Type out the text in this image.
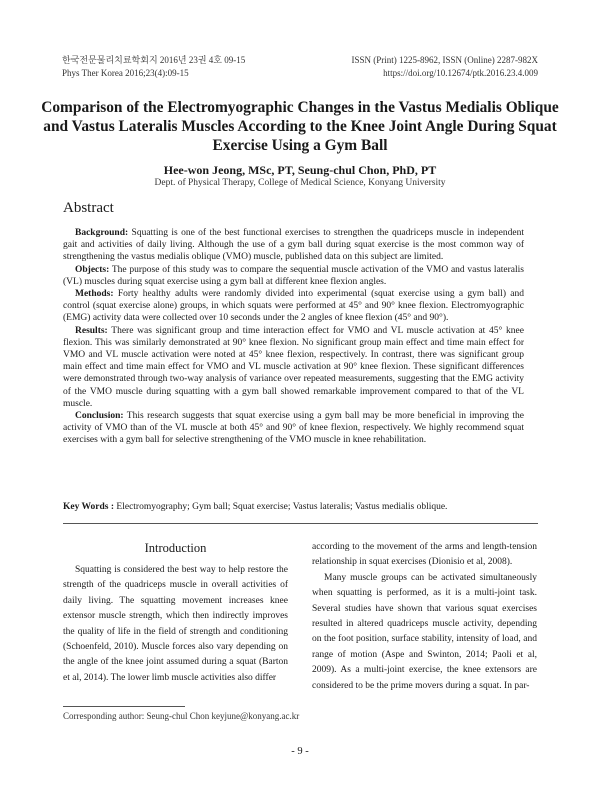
한국전문물리치료학회지 2016년 23권 4호 09-15
Phys Ther Korea 2016;23(4):09-15
ISSN (Print) 1225-8962, ISSN (Online) 2287-982X
https://doi.org/10.12674/ptk.2016.23.4.009
Comparison of the Electromyographic Changes in the Vastus Medialis Oblique and Vastus Lateralis Muscles According to the Knee Joint Angle During Squat Exercise Using a Gym Ball
Hee-won Jeong, MSc, PT, Seung-chul Chon, PhD, PT
Dept. of Physical Therapy, College of Medical Science, Konyang University
Abstract

Background: Squatting is one of the best functional exercises to strengthen the quadriceps muscle in independent gait and activities of daily living. Although the use of a gym ball during squat exercise is the most common way of strengthening the vastus medialis oblique (VMO) muscle, published data on this subject are limited.

Objects: The purpose of this study was to compare the sequential muscle activation of the VMO and vastus lateralis (VL) muscles during squat exercise using a gym ball at different knee flexion angles.

Methods: Forty healthy adults were randomly divided into experimental (squat exercise using a gym ball) and control (squat exercise alone) groups, in which squats were performed at 45° and 90° knee flexion. Electromyographic (EMG) activity data were collected over 10 seconds under the 2 angles of knee flexion (45° and 90°).

Results: There was significant group and time interaction effect for VMO and VL muscle activation at 45° knee flexion. This was similarly demonstrated at 90° knee flexion. No significant group main effect and time main effect for VMO and VL muscle activation were noted at 45° knee flexion, respectively. In contrast, there was significant group main effect and time main effect for VMO and VL muscle activation at 90° knee flexion. These significant differences were demonstrated through two-way analysis of variance over repeated measurements, suggesting that the EMG activity of the VMO muscle during squatting with a gym ball showed remarkable improvement compared to that of the VL muscle.

Conclusion: This research suggests that squat exercise using a gym ball may be more beneficial in improving the activity of VMO than of the VL muscle at both 45° and 90° of knee flexion, respectively. We highly recommend squat exercises with a gym ball for selective strengthening of the VMO muscle in knee rehabilitation.

Key Words : Electromyography; Gym ball; Squat exercise; Vastus lateralis; Vastus medialis oblique.
Introduction

Squatting is considered the best way to help restore the strength of the quadriceps muscle in overall activities of daily living. The squatting movement increases knee extensor muscle strength, which then indirectly improves the quality of life in the field of strength and conditioning (Schoenfeld, 2010). Muscle forces also vary depending on the angle of the knee joint assumed during a squat (Barton et al, 2014). The lower limb muscle activities also differ

according to the movement of the arms and length-tension relationship in squat exercises (Dionisio et al, 2008).

Many muscle groups can be activated simultaneously when squatting is performed, as it is a multi-joint task. Several studies have shown that various squat exercises resulted in altered quadriceps muscle activity, depending on the foot position, surface stability, intensity of load, and range of motion (Aspe and Swinton, 2014; Paoli et al, 2009). As a multi-joint exercise, the knee extensors are considered to be the prime movers during a squat. In par-

Corresponding author: Seung-chul Chon keyjune@konyang.ac.kr
- 9 -
